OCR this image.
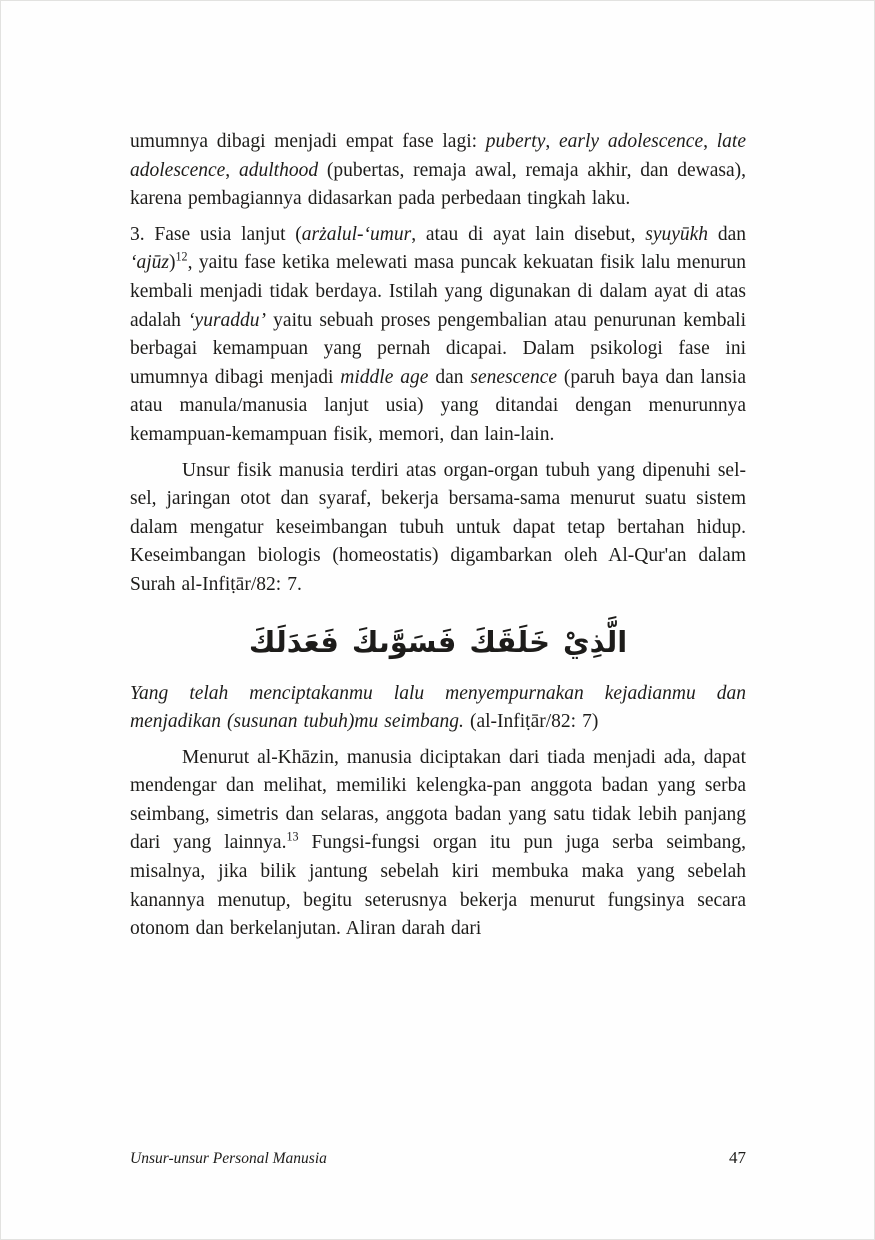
umumnya dibagi menjadi empat fase lagi: puberty, early adolescence, late adolescence, adulthood (pubertas, remaja awal, remaja akhir, dan dewasa), karena pembagiannya didasarkan pada perbedaan tingkah laku.
3. Fase usia lanjut (arżalul-‘umur, atau di ayat lain disebut, syuyūkh dan ‘ajūz)$^{12}$, yaitu fase ketika melewati masa puncak kekuatan fisik lalu menurun kembali menjadi tidak berdaya. Istilah yang digunakan di dalam ayat di atas adalah ‘yuraddu’ yaitu sebuah proses pengembalian atau penurunan kembali berbagai kemampuan yang pernah dicapai. Dalam psikologi fase ini umumnya dibagi menjadi middle age dan senescence (paruh baya dan lansia atau manula/manusia lanjut usia) yang ditandai dengan menurunnya kemampuan-kemampuan fisik, memori, dan lain-lain.
Unsur fisik manusia terdiri atas organ-organ tubuh yang dipenuhi sel-sel, jaringan otot dan syaraf, bekerja bersama-sama menurut suatu sistem dalam mengatur keseimbangan tubuh untuk dapat tetap bertahan hidup. Keseimbangan biologis (homeostatis) digambarkan oleh Al-Qur'an dalam Surah al-Infiṭār/82: 7.
الَّذِيْ خَلَقَكَ فَسَوَّىكَ فَعَدَلَكَ
Yang telah menciptakanmu lalu menyempurnakan kejadianmu dan menjadikan (susunan tubuh)mu seimbang. (al-Infiṭār/82: 7)
Menurut al-Khāzin, manusia diciptakan dari tiada menjadi ada, dapat mendengar dan melihat, memiliki kelengka-pan anggota badan yang serba seimbang, simetris dan selaras, anggota badan yang satu tidak lebih panjang dari yang lainnya.$^{13}$ Fungsi-fungsi organ itu pun juga serba seimbang, misalnya, jika bilik jantung sebelah kiri membuka maka yang sebelah kanannya menutup, begitu seterusnya bekerja menurut fungsinya secara otonom dan berkelanjutan. Aliran darah dari
Unsur-unsur Personal Manusia	47
